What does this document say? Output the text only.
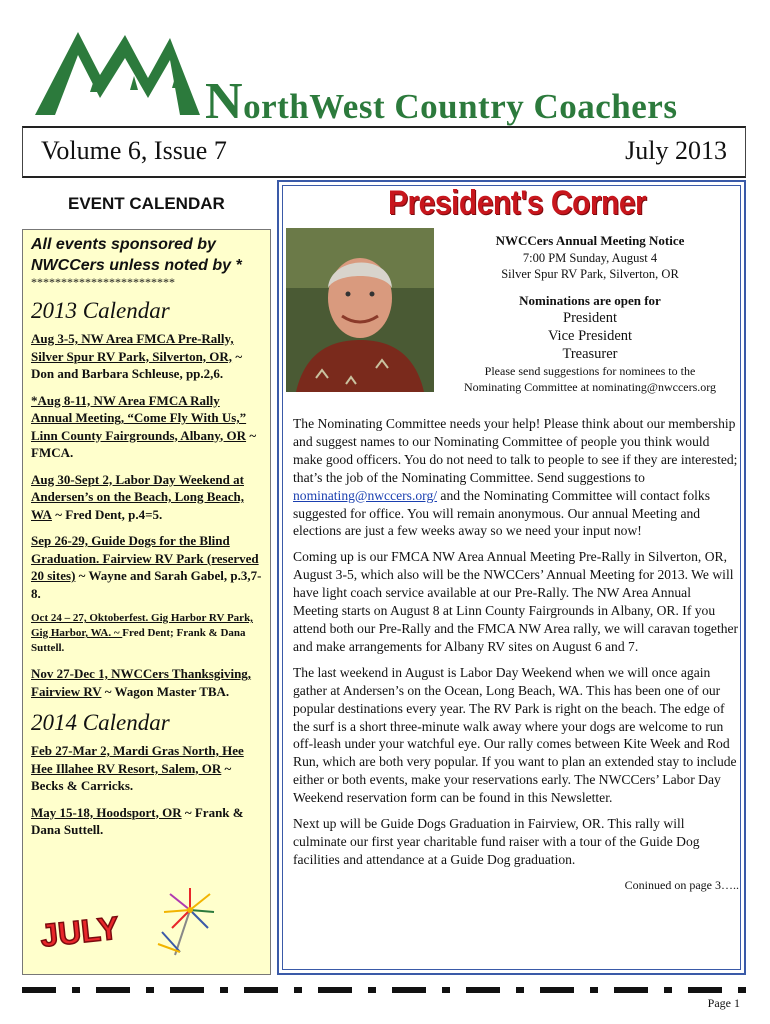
NorthWest Country Coachers
Volume 6, Issue 7	July 2013
EVENT CALENDAR
All events sponsored by NWCCers unless noted by *
************************
2013 Calendar
Aug 3-5, NW Area FMCA Pre-Rally, Silver Spur RV Park, Silverton, OR, ~ Don and Barbara Schleuse, pp.2,6.
*Aug 8-11, NW Area FMCA Rally Annual Meeting, “Come Fly With Us,” Linn County Fairgrounds, Albany, OR ~ FMCA.
Aug 30-Sept 2, Labor Day Weekend at Andersen’s on the Beach, Long Beach, WA ~ Fred Dent, p.4=5.
Sep 26-29, Guide Dogs for the Blind Graduation. Fairview RV Park (reserved 20 sites) ~ Wayne and Sarah Gabel, p.3,7-8.
Oct 24 – 27, Oktoberfest. Gig Harbor RV Park, Gig Harbor, WA. ~ Fred Dent; Frank & Dana Suttell.
Nov 27-Dec 1, NWCCers Thanksgiving, Fairview RV ~ Wagon Master TBA.
2014 Calendar
Feb 27-Mar 2, Mardi Gras North, Hee Hee Illahee RV Resort, Salem, OR ~ Becks & Carricks.
May 15-18, Hoodsport, OR ~ Frank & Dana Suttell.
JULY
President's Corner
NWCCers Annual Meeting Notice
7:00 PM Sunday, August 4
Silver Spur RV Park, Silverton, OR
Nominations are open for
President
Vice President
Treasurer
Please send suggestions for nominees to the
Nominating Committee at nominating@nwccers.org

The Nominating Committee needs your help! Please think about our membership and suggest names to our Nominating Committee of people you think would make good officers. You do not need to talk to people to see if they are interested; that’s the job of the Nominating Committee. Send suggestions to nominating@nwccers.org/ and the Nominating Committee will contact folks suggested for office. You will remain anonymous. Our annual Meeting and elections are just a few weeks away so we need your input now!

Coming up is our FMCA NW Area Annual Meeting Pre-Rally in Silverton, OR, August 3-5, which also will be the NWCCers’ Annual Meeting for 2013. We will have light coach service available at our Pre-Rally. The NW Area Annual Meeting starts on August 8 at Linn County Fairgrounds in Albany, OR. If you attend both our Pre-Rally and the FMCA NW Area rally, we will caravan together and make arrangements for Albany RV sites on August 6 and 7.

The last weekend in August is Labor Day Weekend when we will once again gather at Andersen’s on the Ocean, Long Beach, WA. This has been one of our popular destinations every year. The RV Park is right on the beach. The edge of the surf is a short three-minute walk away where your dogs are welcome to run off-leash under your watchful eye. Our rally comes between Kite Week and Rod Run, which are both very popular. If you want to plan an extended stay to include either or both events, make your reservations early. The NWCCers’ Labor Day Weekend reservation form can be found in this Newsletter.

Next up will be Guide Dogs Graduation in Fairview, OR. This rally will culminate our first year charitable fund raiser with a tour of the Guide Dog facilities and attendance at a Guide Dog graduation.

Coninued on page 3…..
Page 1
